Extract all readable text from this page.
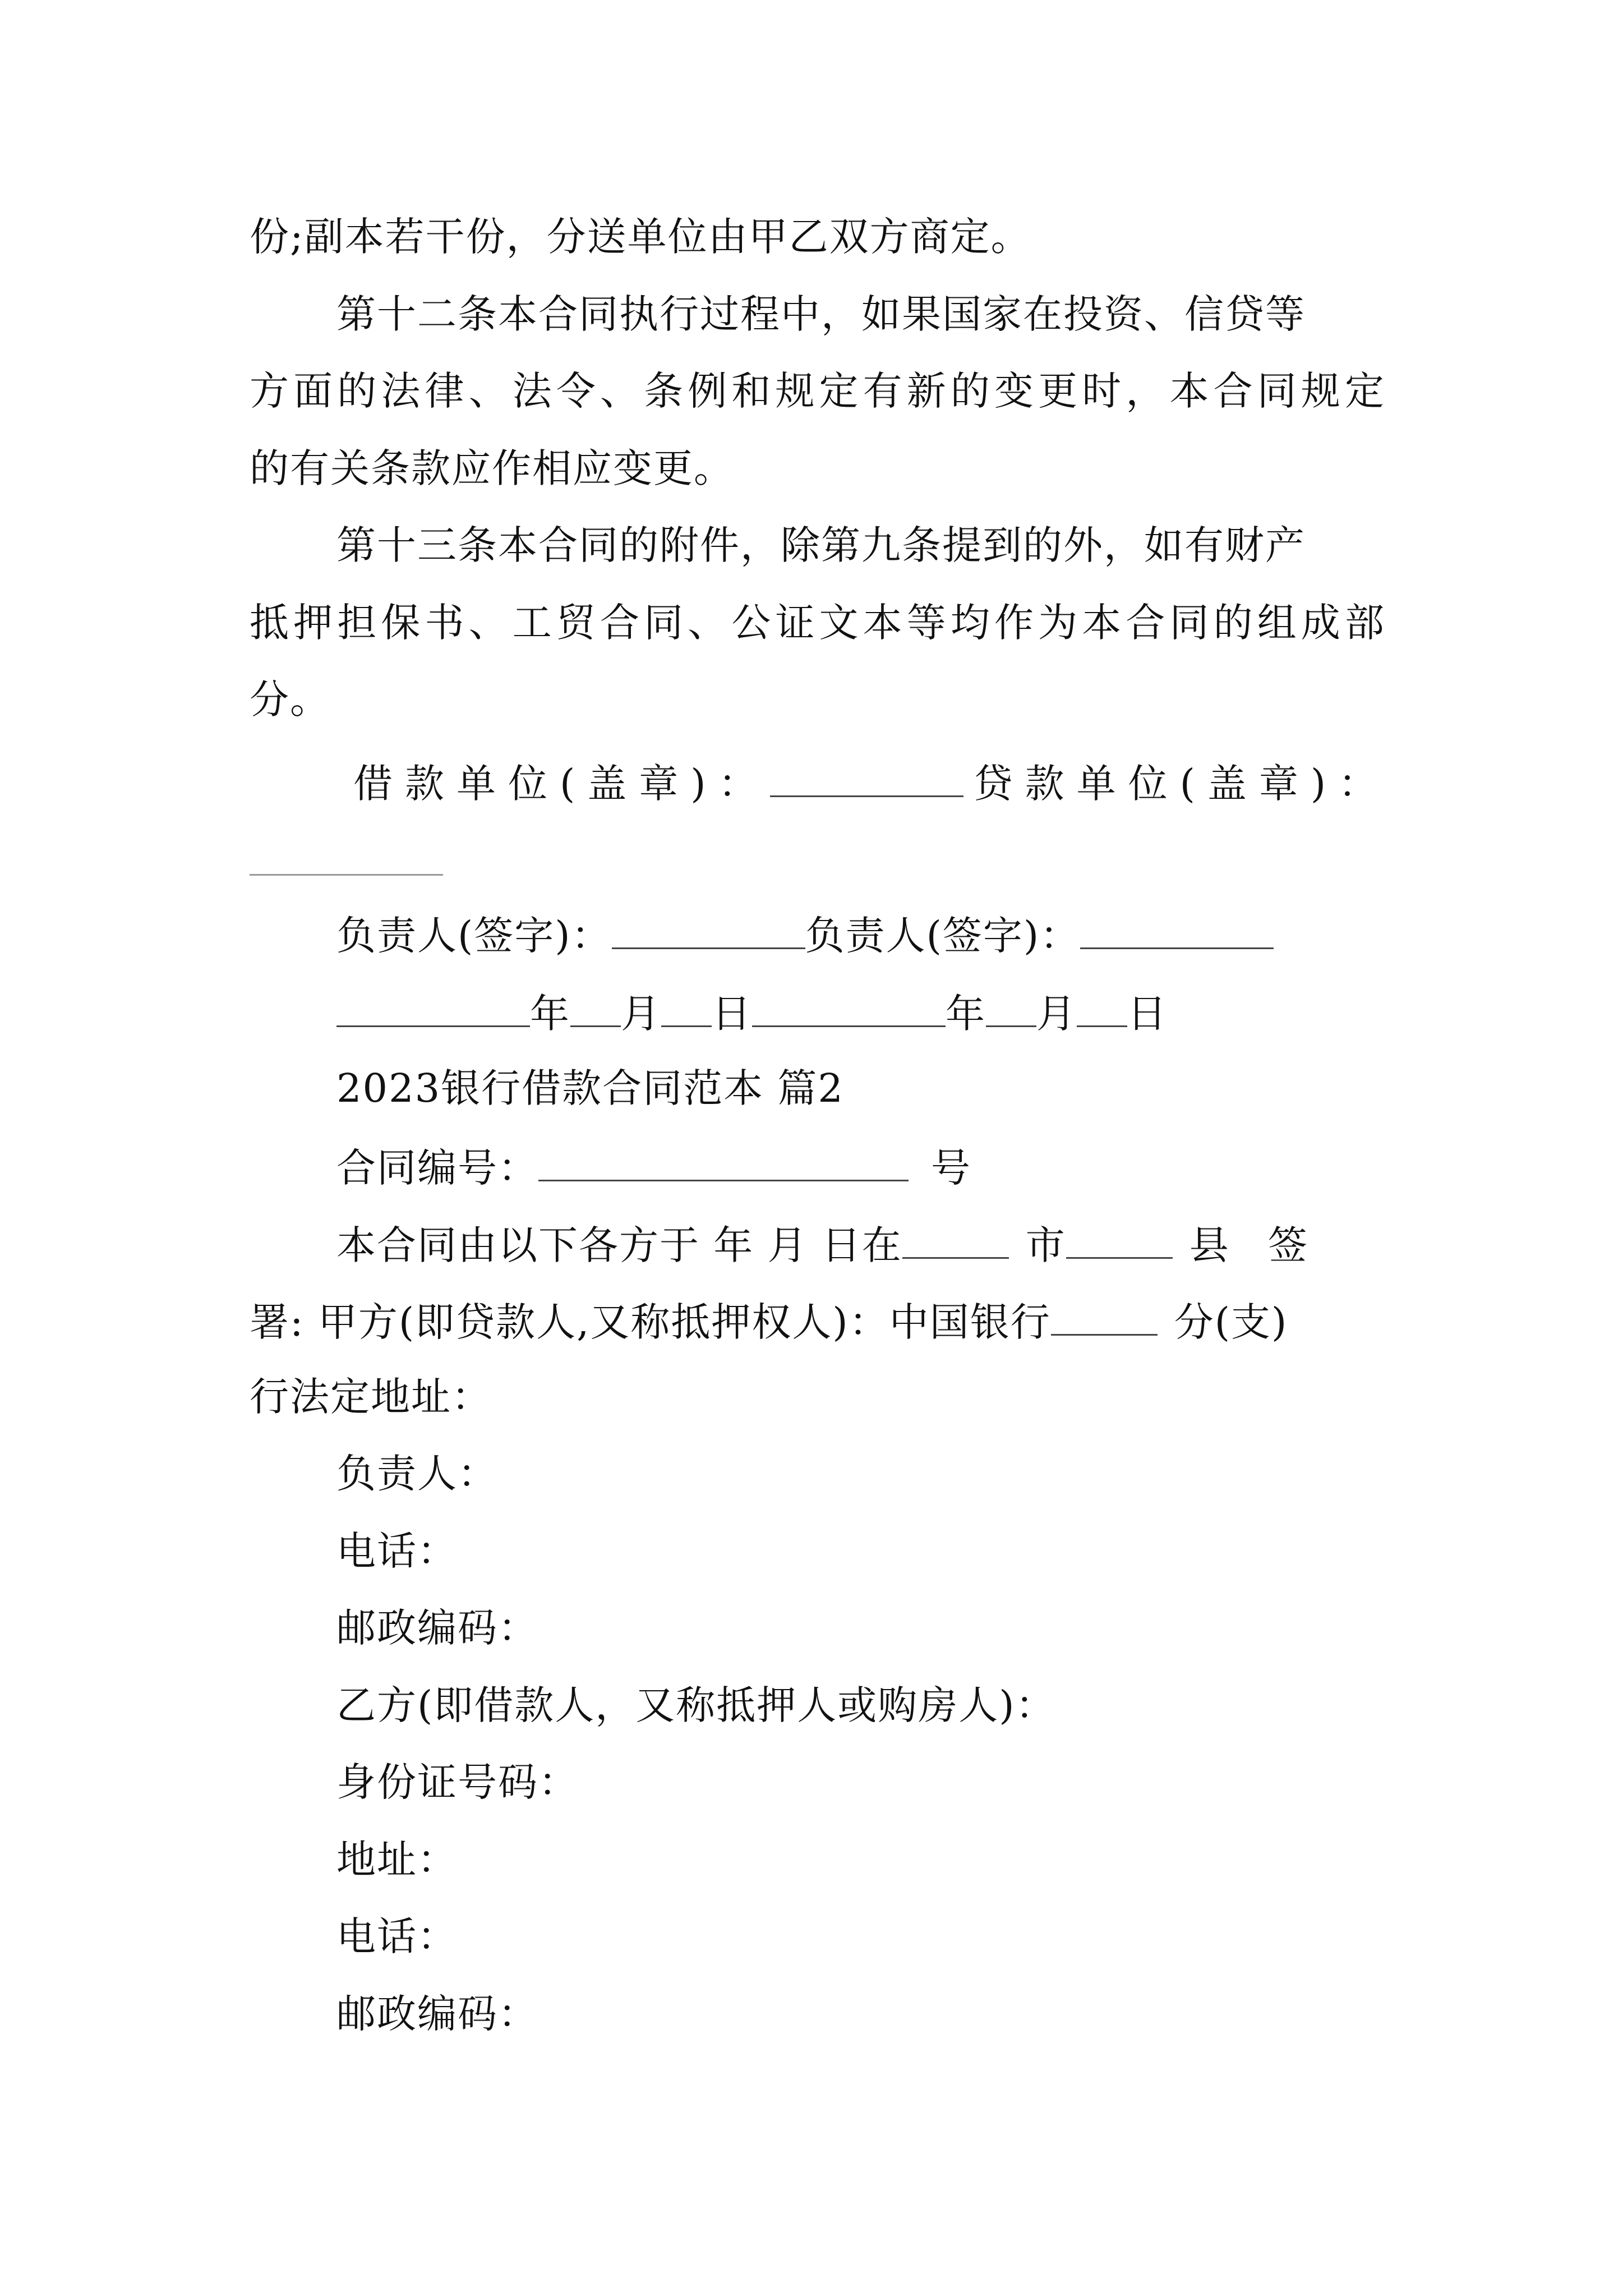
份;副本若干份，分送单位由甲乙双方商定。
第十二条本合同执行过程中，如果国家在投资、信贷等
方面的法律、法令、条例和规定有新的变更时，本合同规定
的有关条款应作相应变更。
第十三条本合同的附件，除第九条提到的外，如有财产
抵押担保书、工贸合同、公证文本等均作为本合同的组成部
分。
借款单位(盖章)：	贷款单位(盖章)：
负责人(签字)：	负责人(签字)：
年 月 日	年 月 日
2023银行借款合同范本 篇2
合同编号：	号
本合同由以下各方于 年 月 日在	市	县 签
署: 甲方(即贷款人,又称抵押权人)：中国银行	分(支)
行法定地址：
负责人：
电话：
邮政编码：
乙方(即借款人，又称抵押人或购房人)：
身份证号码：
地址：
电话：
邮政编码：
